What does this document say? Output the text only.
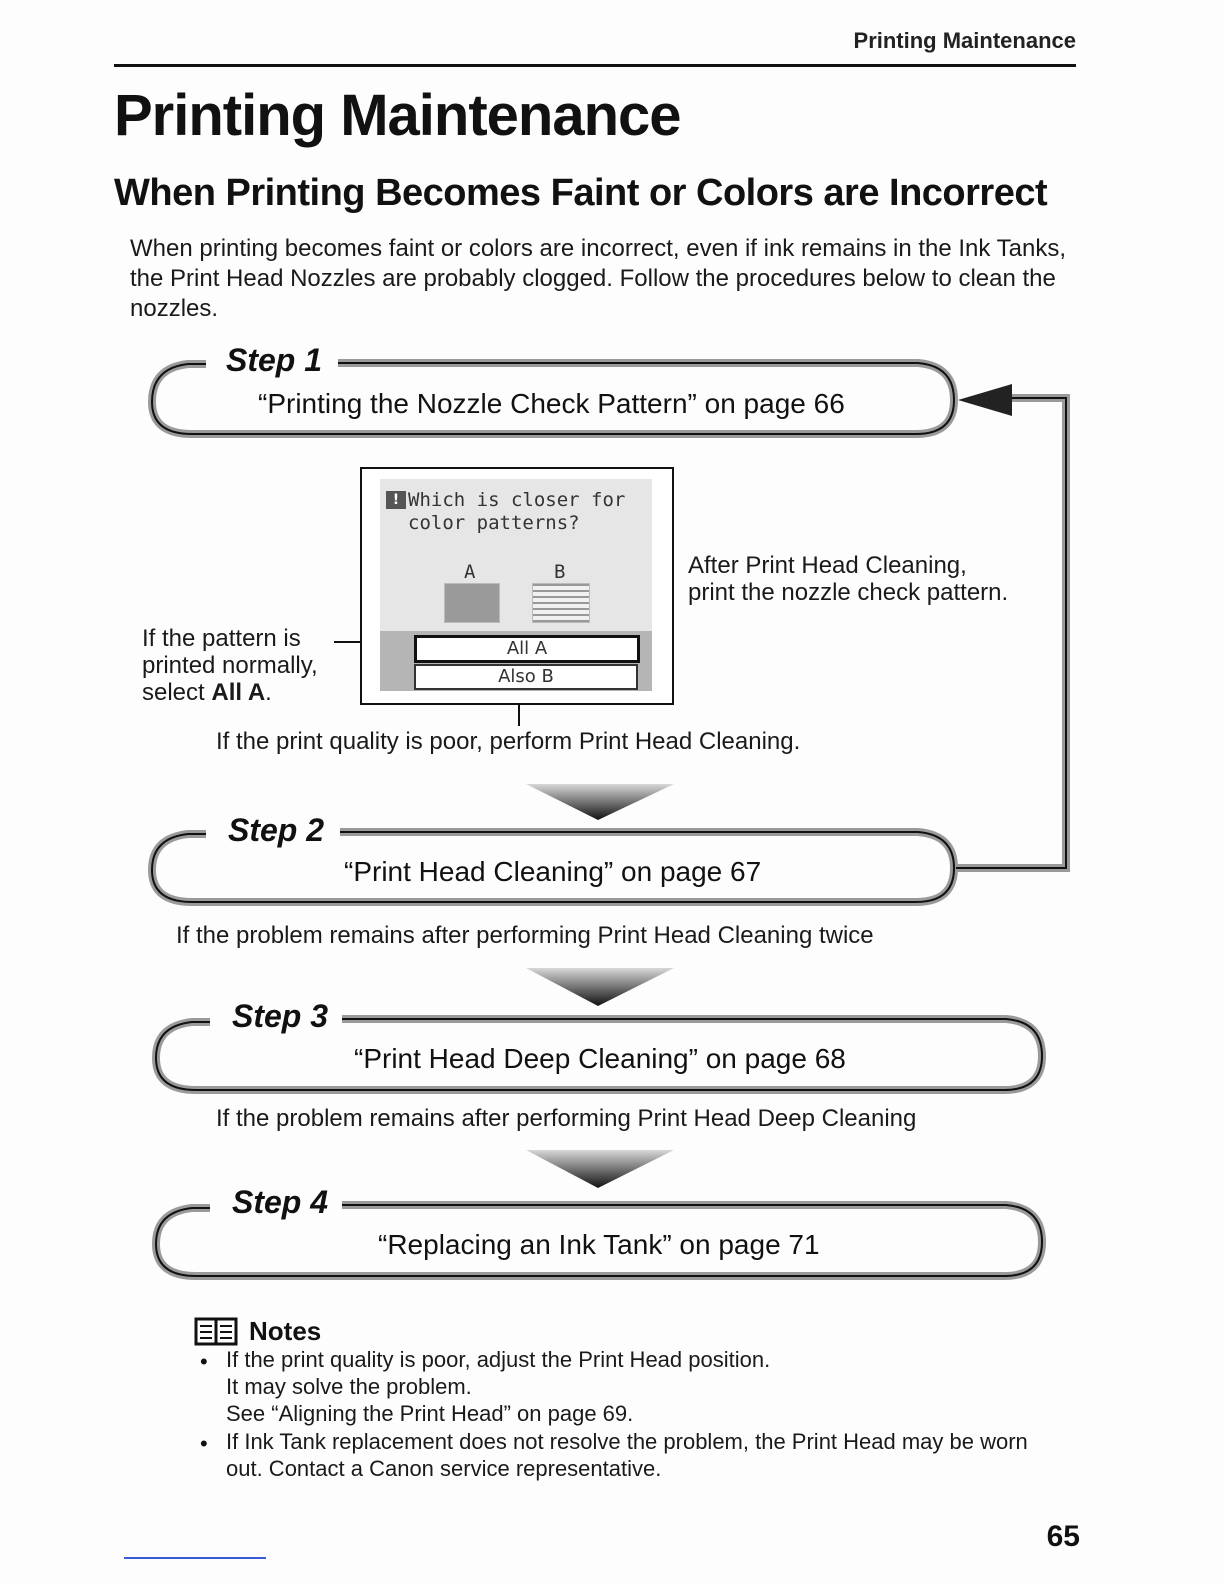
Printing Maintenance
Printing Maintenance
When Printing Becomes Faint or Colors are Incorrect
When printing becomes faint or colors are incorrect, even if ink remains in the Ink Tanks, the Print Head Nozzles are probably clogged. Follow the procedures below to clean the nozzles.
Step 1
“Printing the Nozzle Check Pattern” on page 66
Step 2
“Print Head Cleaning” on page 67
Step 3
“Print Head Deep Cleaning” on page 68
Step 4
“Replacing an Ink Tank” on page 71
! Which is closer for
color patterns?
A	B
All A
Also B
If the pattern is
printed normally,
select All A.
After Print Head Cleaning,
print the nozzle check pattern.
If the print quality is poor, perform Print Head Cleaning.
If the problem remains after performing Print Head Cleaning twice
If the problem remains after performing Print Head Deep Cleaning
Notes
• If the print quality is poor, adjust the Print Head position.
It may solve the problem.
See “Aligning the Print Head” on page 69.
• If Ink Tank replacement does not resolve the problem, the Print Head may be worn
out. Contact a Canon service representative.
65
